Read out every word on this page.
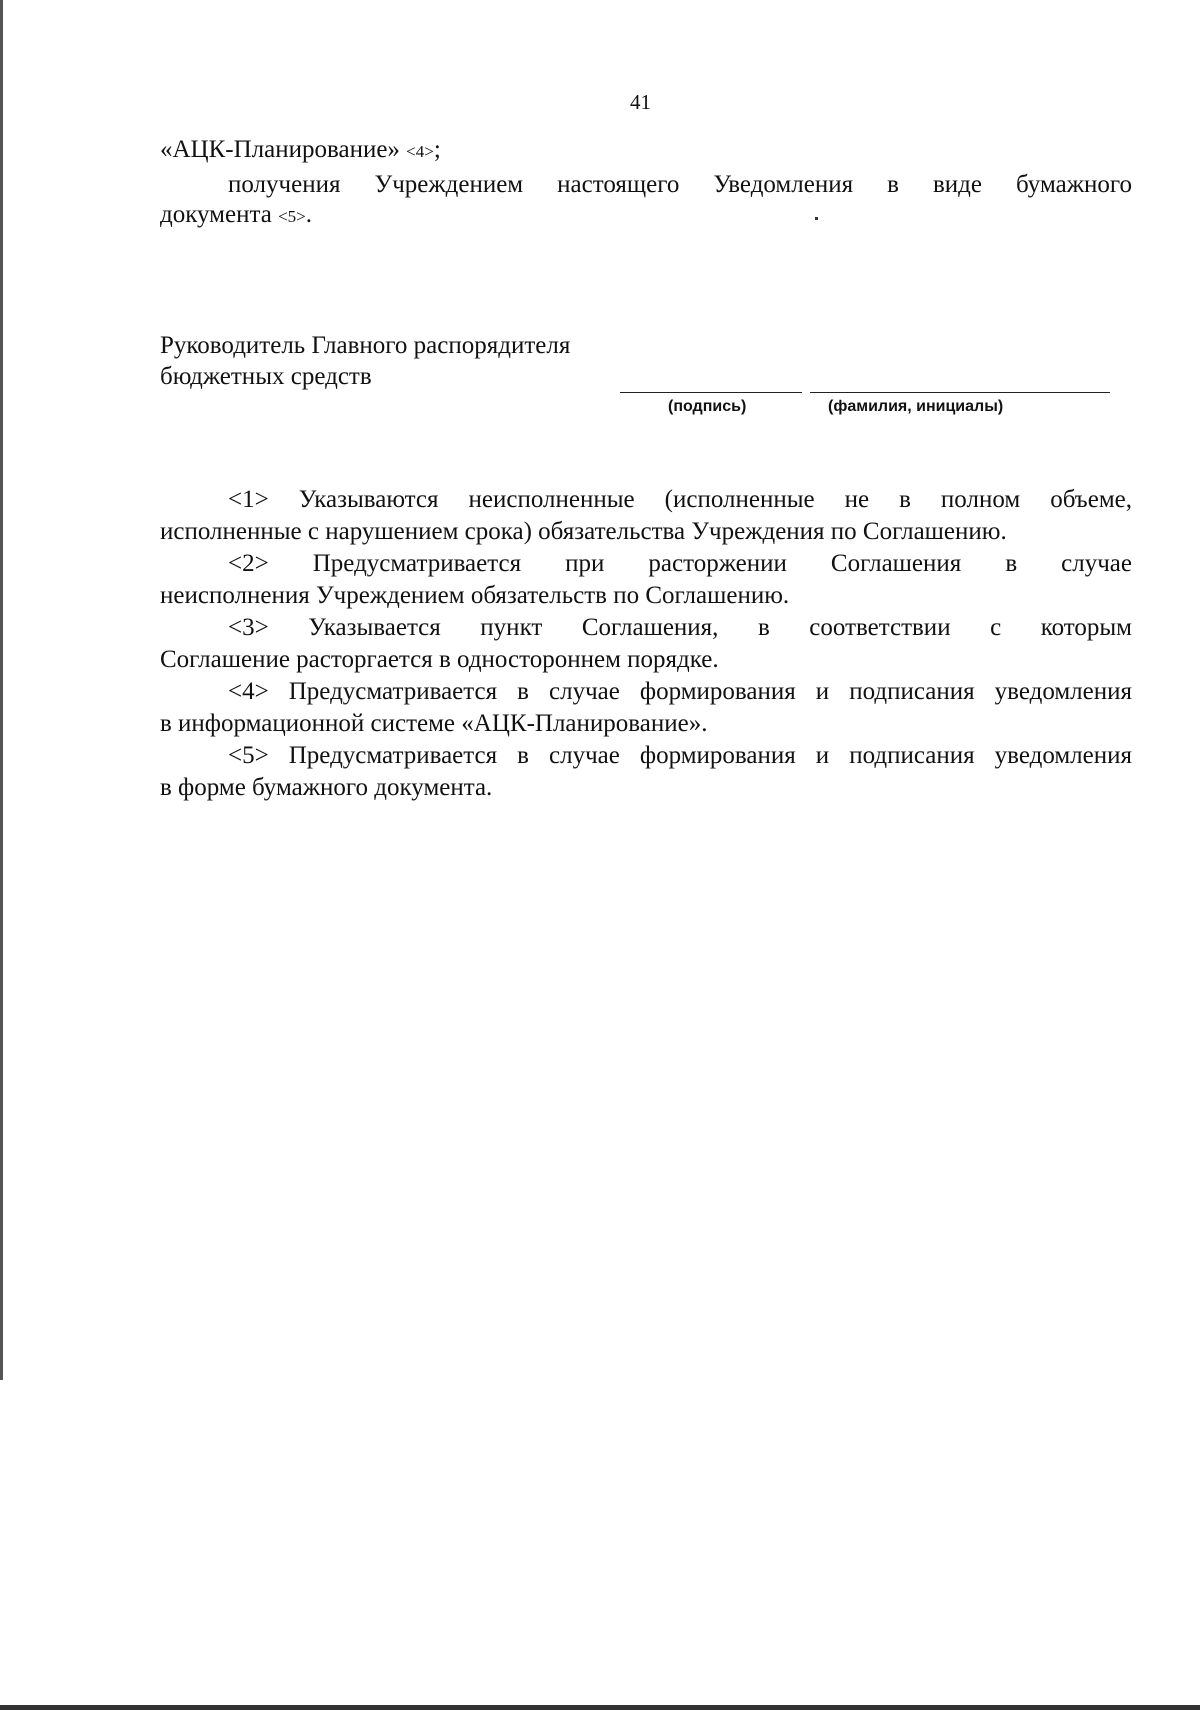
41
«АЦК-Планирование» <4>;
получения Учреждением настоящего Уведомления в виде бумажного
документа <5>.
Руководитель Главного распорядителя
бюджетных средств
(подпись)	(фамилия, инициалы)

<1> Указываются неисполненные (исполненные не в полном объеме,

исполненные с нарушением срока) обязательства Учреждения по Соглашению.

<2> Предусматривается при расторжении Соглашения в случае

неисполнения Учреждением обязательств по Соглашению.

<3> Указывается пункт Соглашения, в соответствии с которым

Соглашение расторгается в одностороннем порядке.

<4> Предусматривается в случае формирования и подписания уведомления

в информационной системе «АЦК-Планирование».

<5> Предусматривается в случае формирования и подписания уведомления

в форме бумажного документа.
